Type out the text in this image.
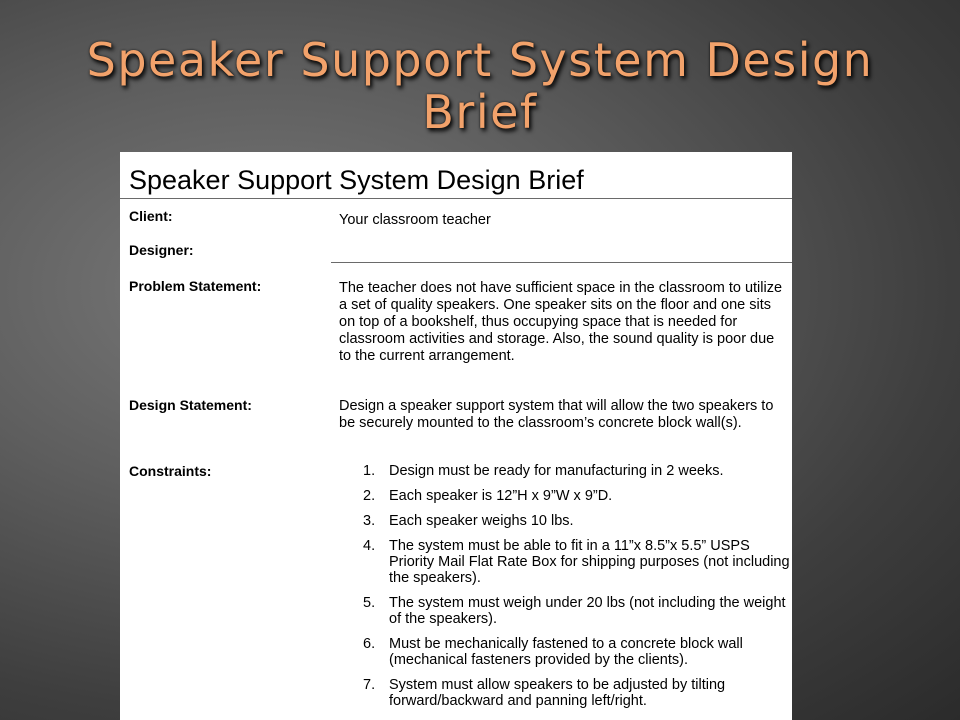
Speaker Support System Design Brief
Speaker Support System Design Brief
Client:	Your classroom teacher
Designer:
Problem Statement:	The teacher does not have sufficient space in the classroom to utilize a set of quality speakers. One speaker sits on the floor and one sits on top of a bookshelf, thus occupying space that is needed for classroom activities and storage. Also, the sound quality is poor due to the current arrangement.
Design Statement:	Design a speaker support system that will allow the two speakers to be securely mounted to the classroom’s concrete block wall(s).
Constraints:	1. Design must be ready for manufacturing in 2 weeks.
2. Each speaker is 12”H x 9”W x 9”D.
3. Each speaker weighs 10 lbs.
4. The system must be able to fit in a 11”x 8.5”x 5.5” USPS Priority Mail Flat Rate Box for shipping purposes (not including the speakers).
5. The system must weigh under 20 lbs (not including the weight of the speakers).
6. Must be mechanically fastened to a concrete block wall (mechanical fasteners provided by the clients).
7. System must allow speakers to be adjusted by tilting forward/backward and panning left/right.
